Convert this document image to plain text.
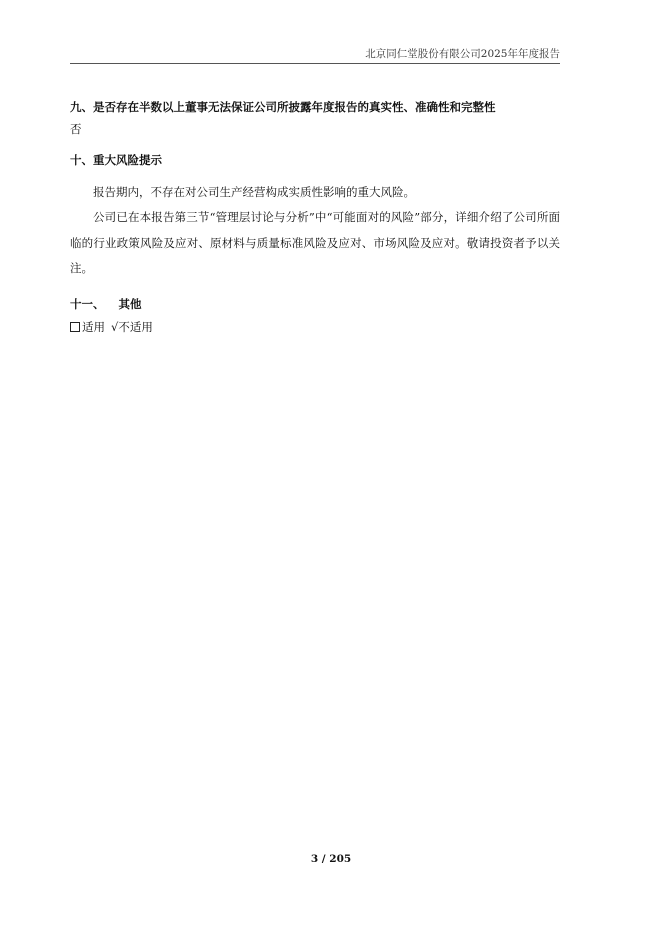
北京同仁堂股份有限公司2025年年度报告
九、是否存在半数以上董事无法保证公司所披露年度报告的真实性、准确性和完整性
否
十、重大风险提示
报告期内，不存在对公司生产经营构成实质性影响的重大风险。
公司已在本报告第三节“管理层讨论与分析”中“可能面对的风险”部分，详细介绍了公司所面临的行业政策风险及应对、原材料与质量标准风险及应对、市场风险及应对。敬请投资者予以关注。
十一、 其他
适用 √ 不适用
3 / 205
